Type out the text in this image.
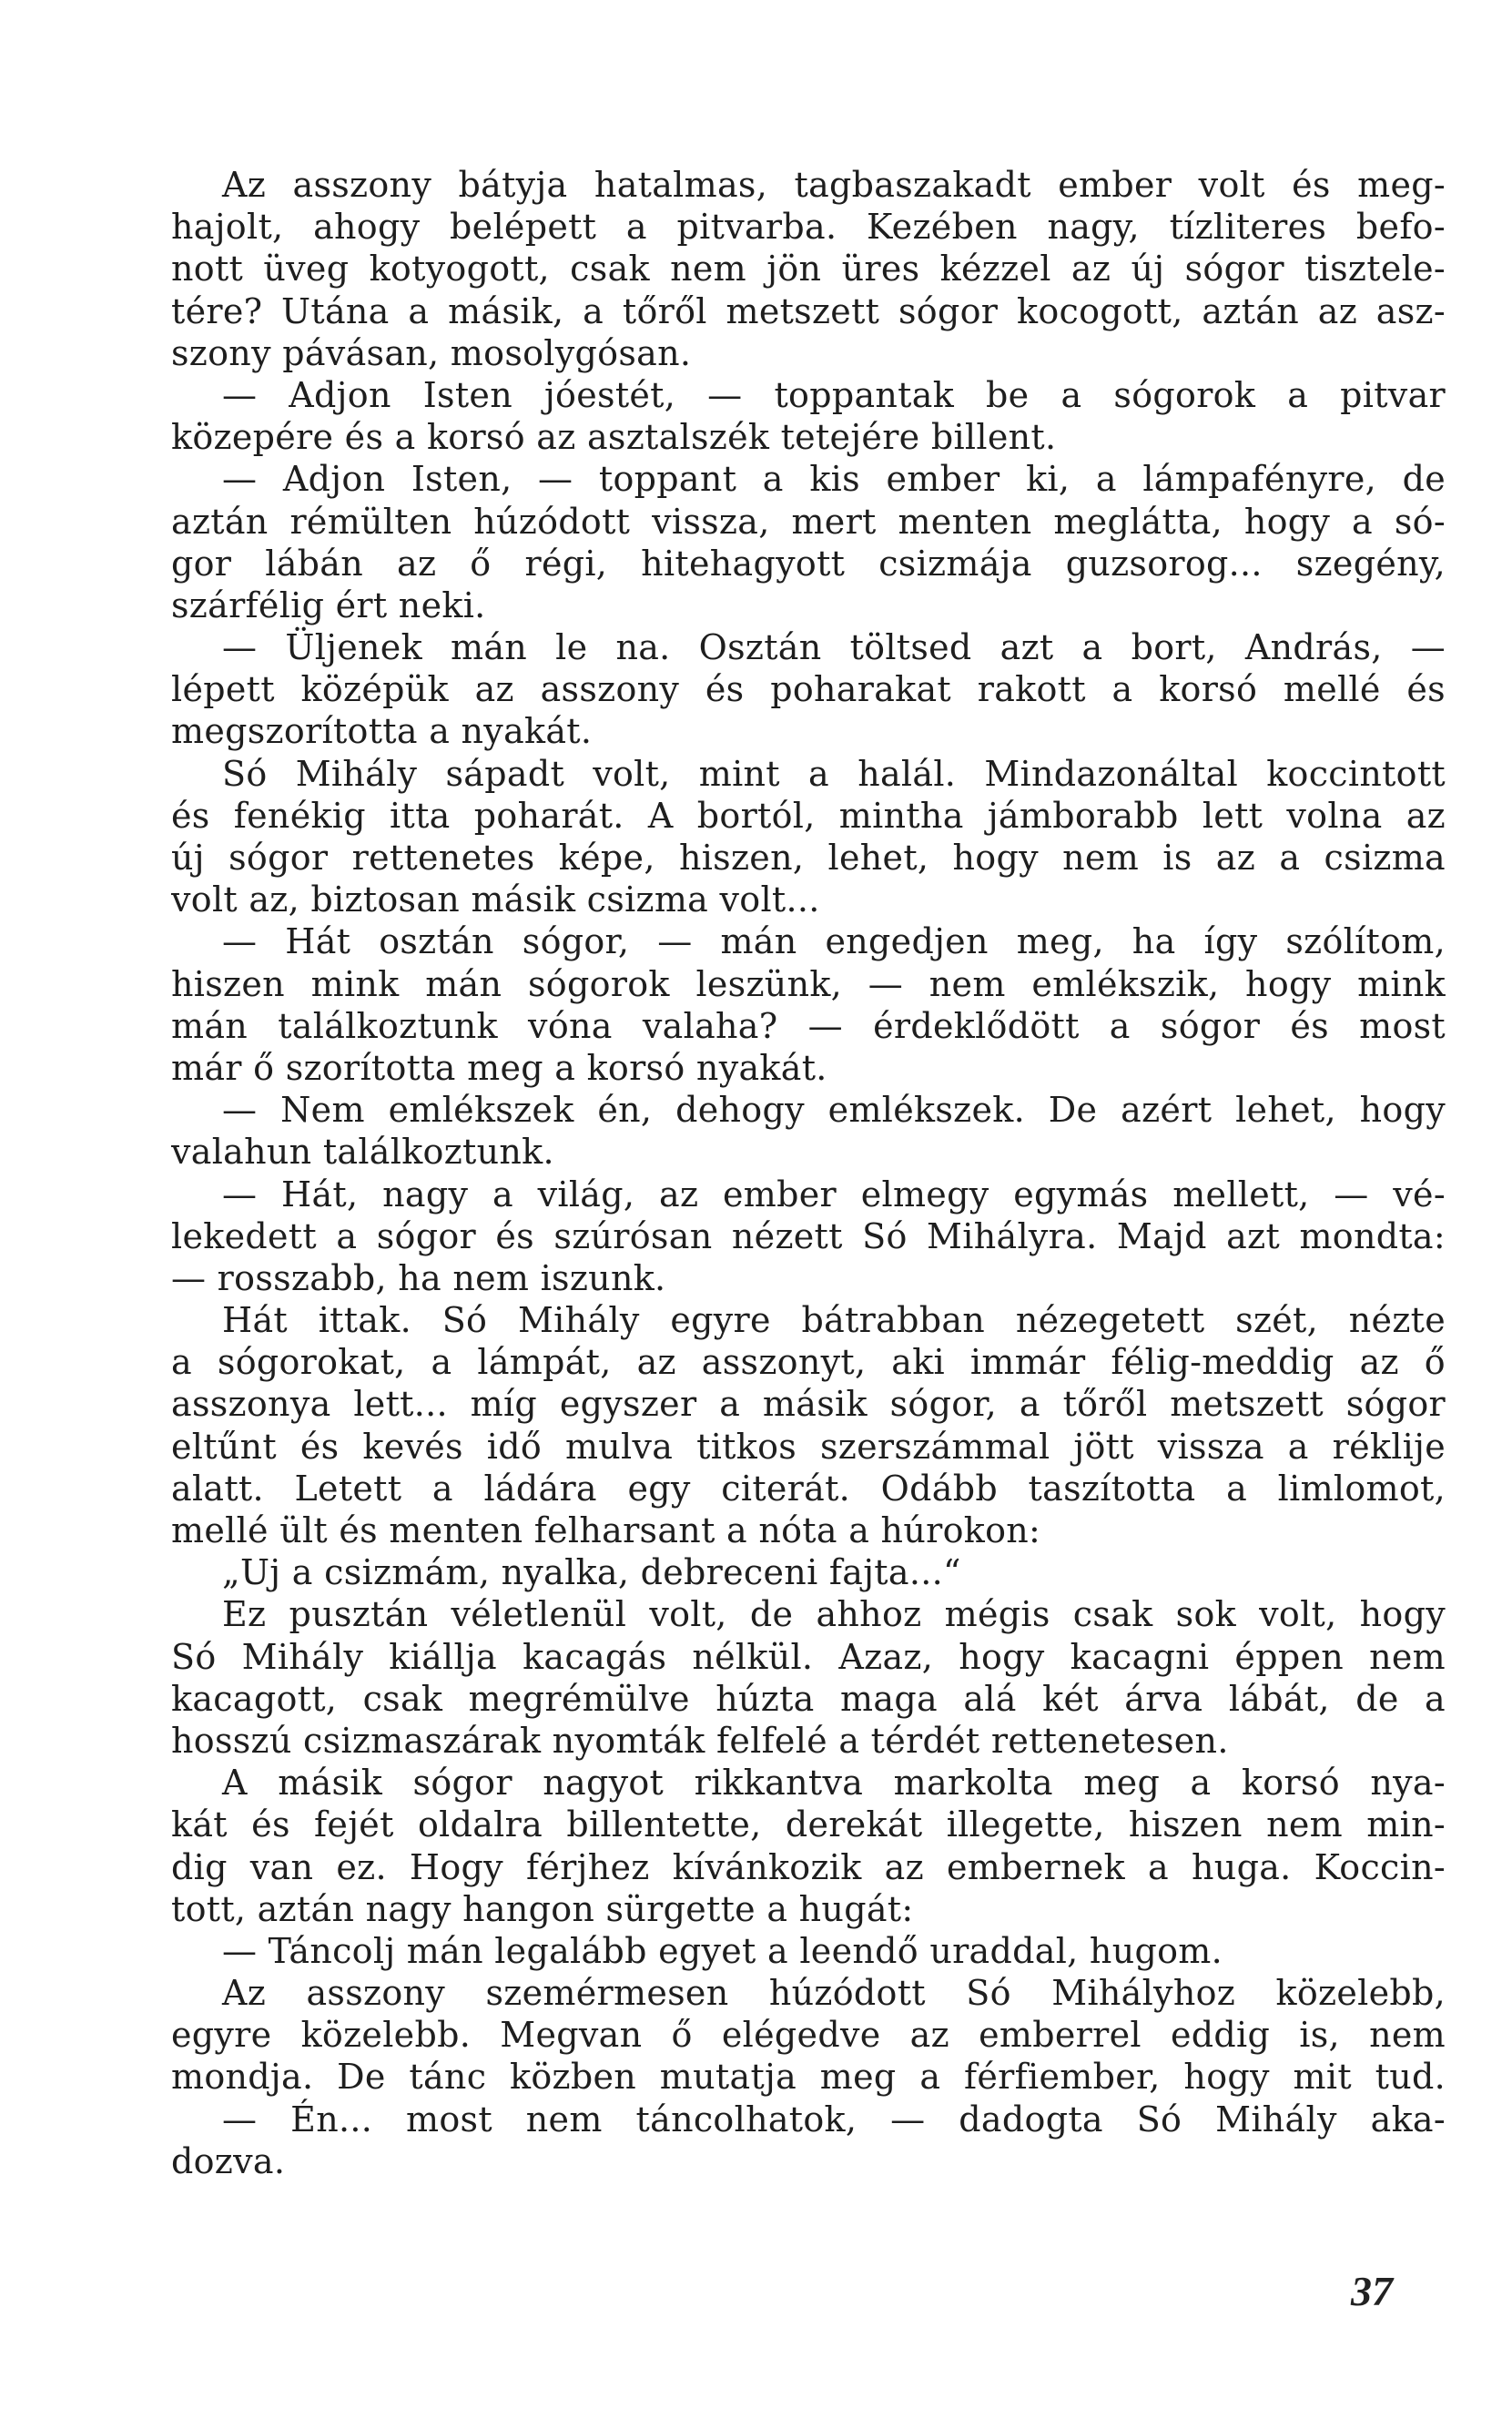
Az asszony bátyja hatalmas, tagbaszakadt ember volt és meg-
hajolt, ahogy belépett a pitvarba. Kezében nagy, tízliteres befo-
nott üveg kotyogott, csak nem jön üres kézzel az új sógor tisztele-
tére? Utána a másik, a tőről metszett sógor kocogott, aztán az asz-
szony pávásan, mosolygósan.
— Adjon Isten jóestét, — toppantak be a sógorok a pitvar
közepére és a korsó az asztalszék tetejére billent.
— Adjon Isten, — toppant a kis ember ki, a lámpafényre, de
aztán rémülten húzódott vissza, mert menten meglátta, hogy a só-
gor lábán az ő régi, hitehagyott csizmája guzsorog... szegény,
szárfélig ért neki.
— Üljenek mán le na. Osztán töltsed azt a bort, András, —
lépett középük az asszony és poharakat rakott a korsó mellé és
megszorította a nyakát.
Só Mihály sápadt volt, mint a halál. Mindazonáltal koccintott
és fenékig itta poharát. A bortól, mintha jámborabb lett volna az
új sógor rettenetes képe, hiszen, lehet, hogy nem is az a csizma
volt az, biztosan másik csizma volt...
— Hát osztán sógor, — mán engedjen meg, ha így szólítom,
hiszen mink mán sógorok leszünk, — nem emlékszik, hogy mink
mán találkoztunk vóna valaha? — érdeklődött a sógor és most
már ő szorította meg a korsó nyakát.
— Nem emlékszek én, dehogy emlékszek. De azért lehet, hogy
valahun találkoztunk.
— Hát, nagy a világ, az ember elmegy egymás mellett, — vé-
lekedett a sógor és szúrósan nézett Só Mihályra. Majd azt mondta:
— rosszabb, ha nem iszunk.
Hát ittak. Só Mihály egyre bátrabban nézegetett szét, nézte
a sógorokat, a lámpát, az asszonyt, aki immár félig-meddig az ő
asszonya lett... míg egyszer a másik sógor, a tőről metszett sógor
eltűnt és kevés idő mulva titkos szerszámmal jött vissza a réklije
alatt. Letett a ládára egy citerát. Odább taszította a limlomot,
mellé ült és menten felharsant a nóta a húrokon:
„Uj a csizmám, nyalka, debreceni fajta...“
Ez pusztán véletlenül volt, de ahhoz mégis csak sok volt, hogy
Só Mihály kiállja kacagás nélkül. Azaz, hogy kacagni éppen nem
kacagott, csak megrémülve húzta maga alá két árva lábát, de a
hosszú csizmaszárak nyomták felfelé a térdét rettenetesen.
A másik sógor nagyot rikkantva markolta meg a korsó nya-
kát és fejét oldalra billentette, derekát illegette, hiszen nem min-
dig van ez. Hogy férjhez kívánkozik az embernek a huga. Koccin-
tott, aztán nagy hangon sürgette a hugát:
— Táncolj mán legalább egyet a leendő uraddal, hugom.
Az asszony szemérmesen húzódott Só Mihályhoz közelebb,
egyre közelebb. Megvan ő elégedve az emberrel eddig is, nem
mondja. De tánc közben mutatja meg a férfiember, hogy mit tud.
— Én... most nem táncolhatok, — dadogta Só Mihály aka-
dozva.
37
